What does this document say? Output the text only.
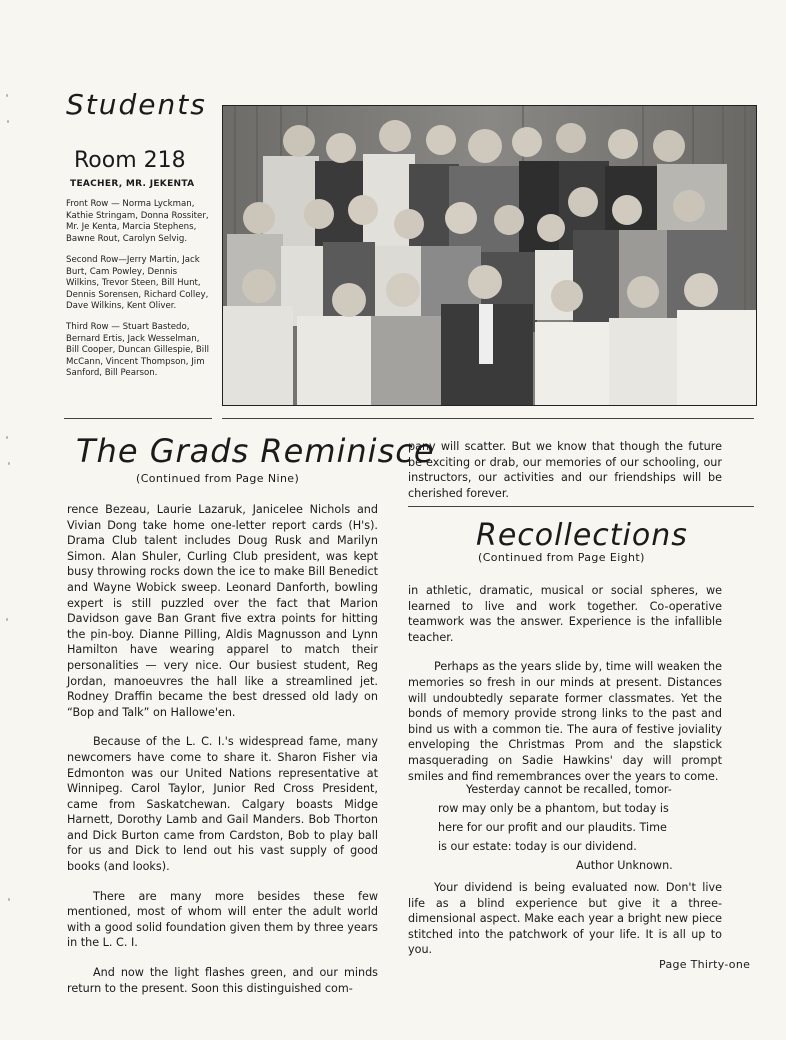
Students
Room 218
TEACHER, MR. JEKENTA
Front Row — Norma Lyckman, Kathie Stringam, Donna Rossiter, Mr. Je Kenta, Marcia Stephens, Bawne Rout, Carolyn Selvig.
Second Row—Jerry Martin, Jack Burt, Cam Powley, Dennis Wilkins, Trevor Steen, Bill Hunt, Dennis Sorensen, Richard Colley, Dave Wilkins, Kent Oliver.
Third Row — Stuart Bastedo, Bernard Ertis, Jack Wesselman, Bill Cooper, Duncan Gillespie, Bill McCann, Vincent Thompson, Jim Sanford, Bill Pearson.
The Grads Reminisce
(Continued from Page Nine)

rence Bezeau, Laurie Lazaruk, Janicelee Nichols and Vivian Dong take home one-letter report cards (H's). Drama Club talent includes Doug Rusk and Marilyn Simon. Alan Shuler, Curling Club president, was kept busy throwing rocks down the ice to make Bill Benedict and Wayne Wobick sweep. Leonard Danforth, bowling expert is still puzzled over the fact that Marion Davidson gave Ban Grant five extra points for hitting the pin-boy. Dianne Pilling, Aldis Magnusson and Lynn Hamilton have wearing apparel to match their personalities — very nice. Our busiest student, Reg Jordan, manoeuvres the hall like a streamlined jet. Rodney Draffin became the best dressed old lady on “Bop and Talk” on Hallowe'en.

Because of the L. C. I.'s widespread fame, many newcomers have come to share it. Sharon Fisher via Edmonton was our United Nations representative at Winnipeg. Carol Taylor, Junior Red Cross President, came from Saskatchewan. Calgary boasts Midge Harnett, Dorothy Lamb and Gail Manders. Bob Thorton and Dick Burton came from Cardston, Bob to play ball for us and Dick to lend out his vast supply of good books (and looks).

There are many more besides these few mentioned, most of whom will enter the adult world with a good solid foundation given them by three years in the L. C. I.

And now the light flashes green, and our minds return to the present. Soon this distinguished com-

pany will scatter. But we know that though the future be exciting or drab, our memories of our schooling, our instructors, our activities and our friendships will be cherished forever.

Recollections
(Continued from Page Eight)

in athletic, dramatic, musical or social spheres, we learned to live and work together. Co-operative teamwork was the answer. Experience is the infallible teacher.

Perhaps as the years slide by, time will weaken the memories so fresh in our minds at present. Distances will undoubtedly separate former classmates. Yet the bonds of memory provide strong links to the past and bind us with a common tie. The aura of festive joviality enveloping the Christmas Prom and the slapstick masquerading on Sadie Hawkins' day will prompt smiles and find remembrances over the years to come.

Yesterday cannot be recalled, tomor-
row may only be a phantom, but today is
here for our profit and our plaudits. Time
is our estate: today is our dividend.
Author Unknown.

Your dividend is being evaluated now. Don't live life as a blind experience but give it a three-dimensional aspect. Make each year a bright new piece stitched into the patchwork of your life. It is all up to you.

Page Thirty-one
